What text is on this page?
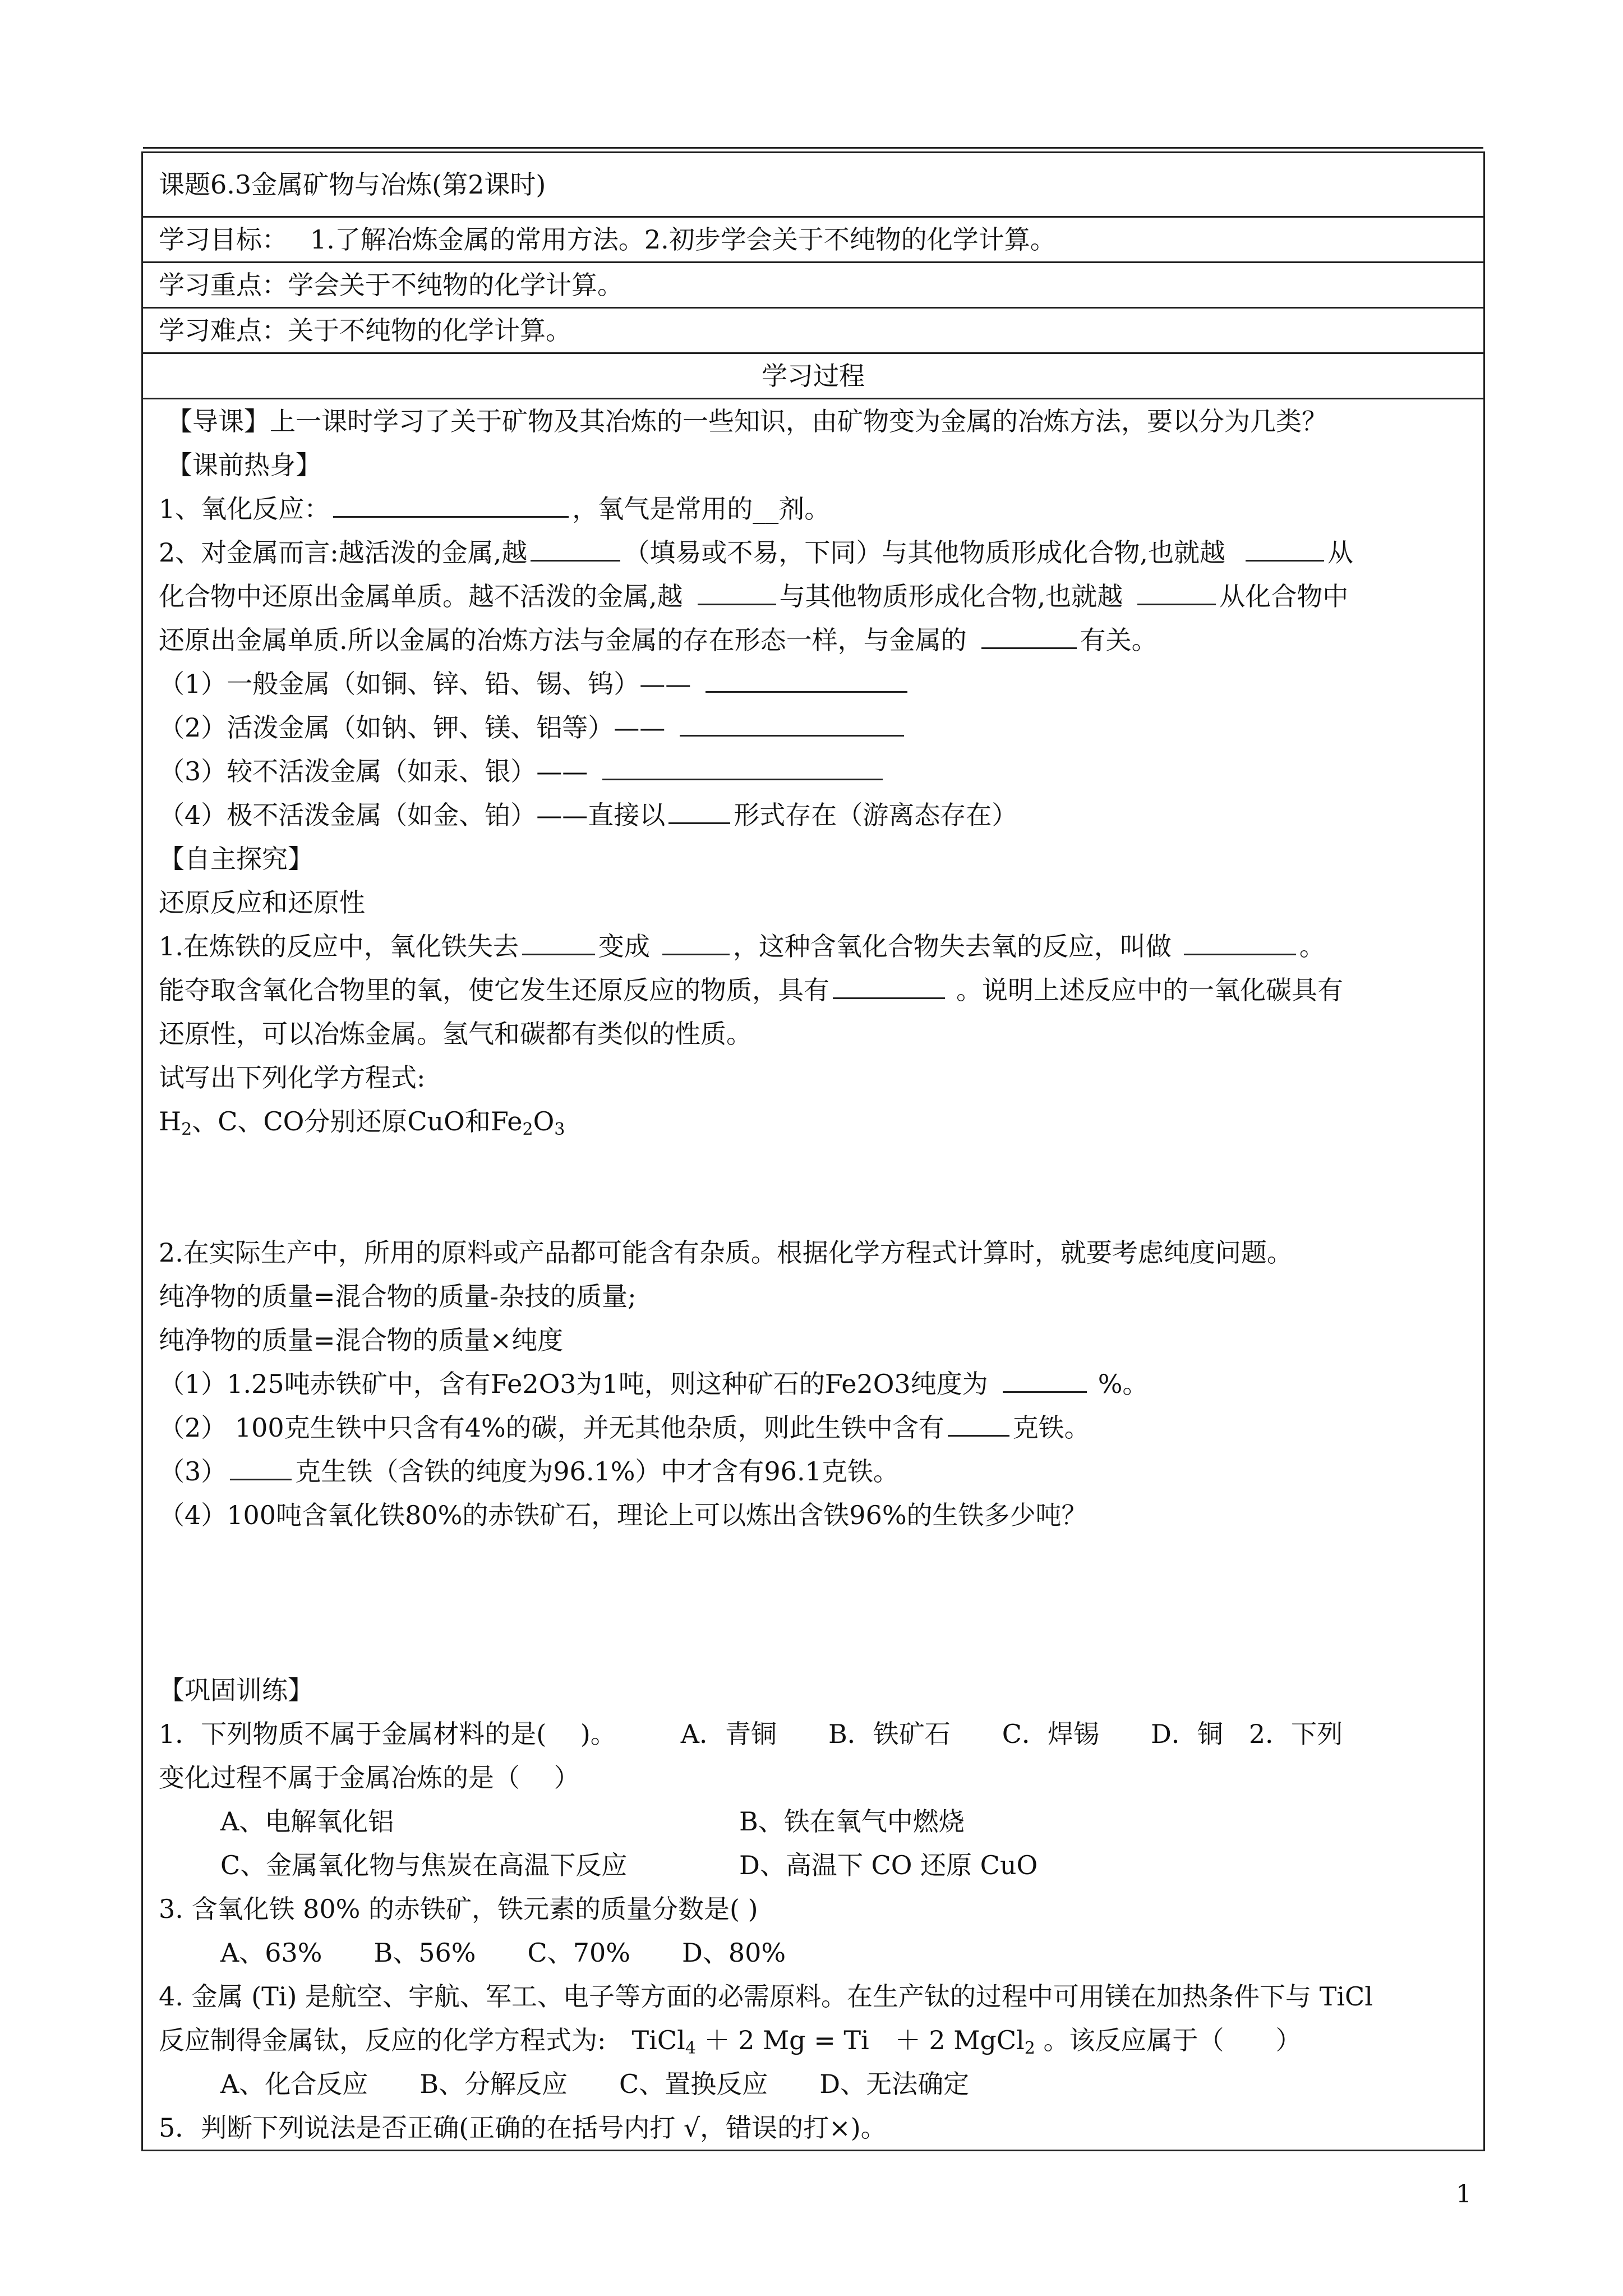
课题6.3金属矿物与冶炼(第2课时)
学习目标： 1.了解冶炼金属的常用方法。2.初步学会关于不纯物的化学计算。
学习重点：学会关于不纯物的化学计算。
学习难点：关于不纯物的化学计算。
学习过程

【导课】上一课时学习了关于矿物及其冶炼的一些知识，由矿物变为金属的冶炼方法，要以分为几类？
【课前热身】
1、氧化反应：	，氧气是常用的__剂。
2、对金属而言:越活泼的金属,越	（填易或不易，下同）与其他物质形成化合物,也就越	从
化合物中还原出金属单质。越不活泼的金属,越	与其他物质形成化合物,也就越	从化合物中
还原出金属单质.所以金属的冶炼方法与金属的存在形态一样，与金属的	有关。
（1）一般金属（如铜、锌、铅、锡、钨）——
（2）活泼金属（如钠、钾、镁、铝等）——
（3）较不活泼金属（如汞、银）——
（4）极不活泼金属（如金、铂）——直接以	形式存在（游离态存在）
【自主探究】
还原反应和还原性
1.在炼铁的反应中，氧化铁失去	变成	，这种含氧化合物失去氧的反应，叫做	。
能夺取含氧化合物里的氧，使它发生还原反应的物质，具有	。说明上述反应中的一氧化碳具有
还原性，可以冶炼金属。氢气和碳都有类似的性质。
试写出下列化学方程式:
$H_2$、C、CO分别还原CuO和$Fe_2O_3$
2.在实际生产中，所用的原料或产品都可能含有杂质。根据化学方程式计算时，就要考虑纯度问题。
纯净物的质量=混合物的质量-杂技的质量;
纯净物的质量=混合物的质量×纯度
（1）1.25吨赤铁矿中，含有Fe2O3为1吨，则这种矿石的Fe2O3纯度为	%。
（2） 100克生铁中只含有4%的碳，并无其他杂质，则此生铁中含有	克铁。
（3）	克生铁（含铁的纯度为96.1%）中才含有96.1克铁。
（4）100吨含氧化铁80%的赤铁矿石，理论上可以炼出含铁96%的生铁多少吨？
【巩固训练】
1．下列物质不属于金属材料的是(　 )。　　　A．青铜　　B．铁矿石　　C．焊锡　　D．铜　2．下列
变化过程不属于金属冶炼的是（　 ）
A、电解氧化铝	B、铁在氧气中燃烧
C、金属氧化物与焦炭在高温下反应	D、高温下 CO 还原 CuO
3. 含氧化铁 80% 的赤铁矿，铁元素的质量分数是( )
A、63%　　B、56%　　C、70%　　D、80%
4. 金属 (Ti) 是航空、宇航、军工、电子等方面的必需原料。在生产钛的过程中可用镁在加热条件下与 TiCl
反应制得金属钛，反应的化学方程式为:　TiCl$_4$ ＋ 2 Mg = Ti　＋ 2 MgCl$_2$ 。该反应属于（　　）
A、化合反应　　B、分解反应　　C、置换反应　　D、无法确定
5．判断下列说法是否正确(正确的在括号内打 √，错误的打×)。
1
